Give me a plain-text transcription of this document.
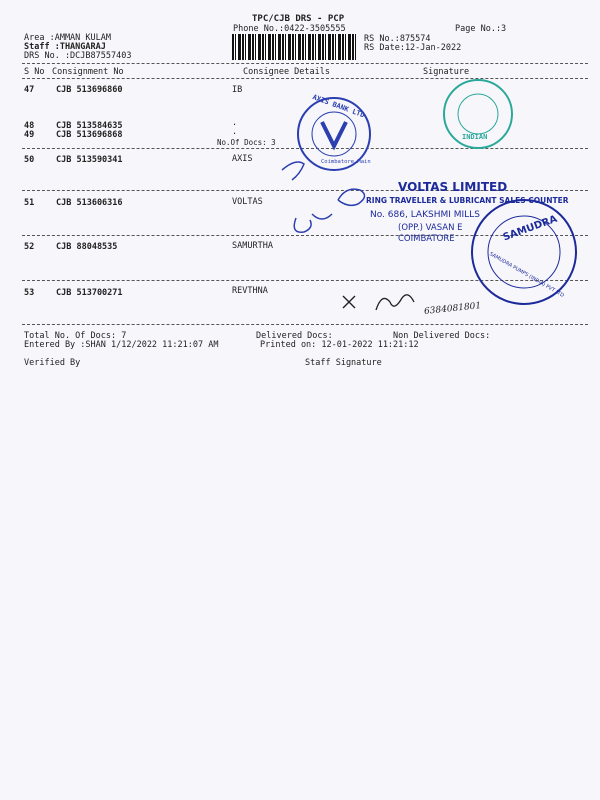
TPC/CJB DRS - PCP
Phone No.:0422-3505555	Page No.:3
Area :AMMAN KULAM
Staff :THANGARAJ
DRS No. :DCJB87557403
RS No.:875574
RS Date:12-Jan-2022
S No Consignment No	Consignee Details	Signature
47	CJB 513696860	IB
48	CJB 513584635	.
49	CJB 513696868	.
No.Of Docs: 3
50	CJB 513590341	AXIS
51	CJB 513606316	VOLTAS
52	CJB 88048535	SAMURTHA
53	CJB 513700271	REVTHNA
AXIS BANK LTD.
Coimbatore Main
INDIAN
VOLTAS LIMITED
RING TRAVELLER & LUBRICANT SALES COUNTER
No. 686, LAKSHMI MILLS
(OPP.) VASAN E
COIMBATORE	SAMUDRA
SAMUDRA PUMPS (INDIA) PVT LTD
6384081801
Total No. Of Docs: 7	Delivered Docs:	Non Delivered Docs:
Entered By :SHAN 1/12/2022 11:21:07 AM	Printed on: 12-01-2022 11:21:12
Verified By	Staff Signature
